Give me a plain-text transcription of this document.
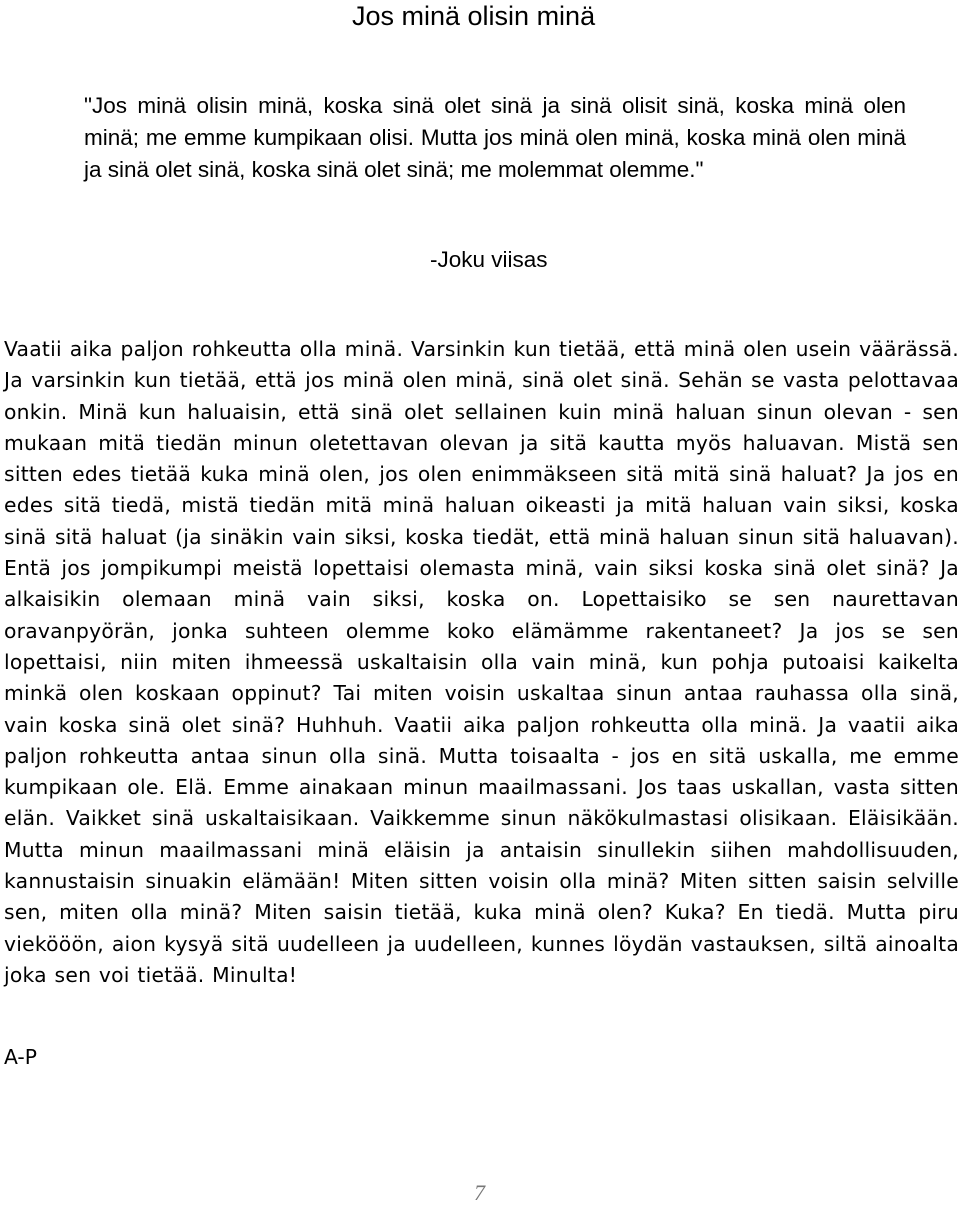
Jos minä olisin minä

"Jos minä olisin minä, koska sinä olet sinä ja sinä olisit sinä, koska minä olen minä; me emme kumpikaan olisi. Mutta jos minä olen minä, koska minä olen minä ja sinä olet sinä, koska sinä olet sinä; me molemmat olemme."

-Joku viisas

Vaatii aika paljon rohkeutta olla minä. Varsinkin kun tietää, että minä olen usein väärässä. Ja varsinkin kun tietää, että jos minä olen minä, sinä olet sinä. Sehän se vasta pelottavaa onkin. Minä kun haluaisin, että sinä olet sellainen kuin minä haluan sinun olevan - sen mukaan mitä tiedän minun oletettavan olevan ja sitä kautta myös haluavan. Mistä sen sitten edes tietää kuka minä olen, jos olen enimmäkseen sitä mitä sinä haluat? Ja jos en edes sitä tiedä, mistä tiedän mitä minä haluan oikeasti ja mitä haluan vain siksi, koska sinä sitä haluat (ja sinäkin vain siksi, koska tiedät, että minä haluan sinun sitä haluavan). Entä jos jompikumpi meistä lopettaisi olemasta minä, vain siksi koska sinä olet sinä? Ja alkaisikin olemaan minä vain siksi, koska on. Lopettaisiko se sen naurettavan oravanpyörän, jonka suhteen olemme koko elämämme rakentaneet? Ja jos se sen lopettaisi, niin miten ihmeessä uskaltaisin olla vain minä, kun pohja putoaisi kaikelta minkä olen koskaan oppinut? Tai miten voisin uskaltaa sinun antaa rauhassa olla sinä, vain koska sinä olet sinä? Huhhuh. Vaatii aika paljon rohkeutta olla minä. Ja vaatii aika paljon rohkeutta antaa sinun olla sinä. Mutta toisaalta - jos en sitä uskalla, me emme kumpikaan ole. Elä. Emme ainakaan minun maailmassani. Jos taas uskallan, vasta sitten elän. Vaikket sinä uskaltaisikaan. Vaikkemme sinun näkökulmastasi olisikaan. Eläisikään. Mutta minun maailmassani minä eläisin ja antaisin sinullekin siihen mahdollisuuden, kannustaisin sinuakin elämään! Miten sitten voisin olla minä? Miten sitten saisin selville sen, miten olla minä? Miten saisin tietää, kuka minä olen? Kuka? En tiedä. Mutta piru viekööön, aion kysyä sitä uudelleen ja uudelleen, kunnes löydän vastauksen, siltä ainoalta joka sen voi tietää. Minulta!

A-P

7
